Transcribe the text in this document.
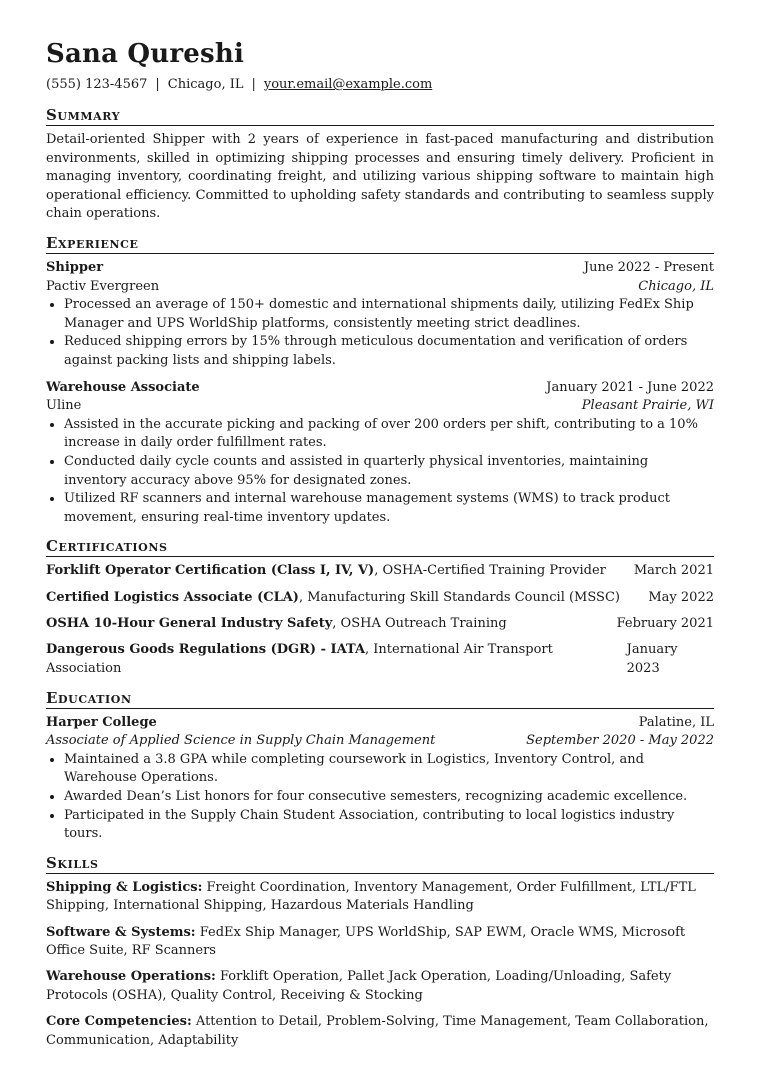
Sana Qureshi
(555) 123-4567 | Chicago, IL | your.email@example.com
Summary
Detail-oriented Shipper with 2 years of experience in fast-paced manufacturing and distribution environments, skilled in optimizing shipping processes and ensuring timely delivery. Proficient in managing inventory, coordinating freight, and utilizing various shipping software to maintain high operational efficiency. Committed to upholding safety standards and contributing to seamless supply chain operations.
Experience
Shipper	June 2022 - Present
Pactiv Evergreen	Chicago, IL
• Processed an average of 150+ domestic and international shipments daily, utilizing FedEx Ship Manager and UPS WorldShip platforms, consistently meeting strict deadlines.
• Reduced shipping errors by 15% through meticulous documentation and verification of orders against packing lists and shipping labels.
Warehouse Associate	January 2021 - June 2022
Uline	Pleasant Prairie, WI
• Assisted in the accurate picking and packing of over 200 orders per shift, contributing to a 10% increase in daily order fulfillment rates.
• Conducted daily cycle counts and assisted in quarterly physical inventories, maintaining inventory accuracy above 95% for designated zones.
• Utilized RF scanners and internal warehouse management systems (WMS) to track product movement, ensuring real-time inventory updates.
Certifications
Forklift Operator Certification (Class I, IV, V), OSHA-Certified Training Provider March 2021
Certified Logistics Associate (CLA), Manufacturing Skill Standards Council (MSSC) May 2022
OSHA 10-Hour General Industry Safety, OSHA Outreach Training	February 2021
Dangerous Goods Regulations (DGR) - IATA, International Air Transport Association
January 2023
Education
Harper College	Palatine, IL
Associate of Applied Science in Supply Chain Management	September 2020 - May 2022
• Maintained a 3.8 GPA while completing coursework in Logistics, Inventory Control, and Warehouse Operations.
• Awarded Dean’s List honors for four consecutive semesters, recognizing academic excellence.
• Participated in the Supply Chain Student Association, contributing to local logistics industry tours.
Skills
Shipping & Logistics: Freight Coordination, Inventory Management, Order Fulfillment, LTL/FTL Shipping, International Shipping, Hazardous Materials Handling
Software & Systems: FedEx Ship Manager, UPS WorldShip, SAP EWM, Oracle WMS, Microsoft Office Suite, RF Scanners
Warehouse Operations: Forklift Operation, Pallet Jack Operation, Loading/Unloading, Safety Protocols (OSHA), Quality Control, Receiving & Stocking
Core Competencies: Attention to Detail, Problem-Solving, Time Management, Team Collaboration, Communication, Adaptability
